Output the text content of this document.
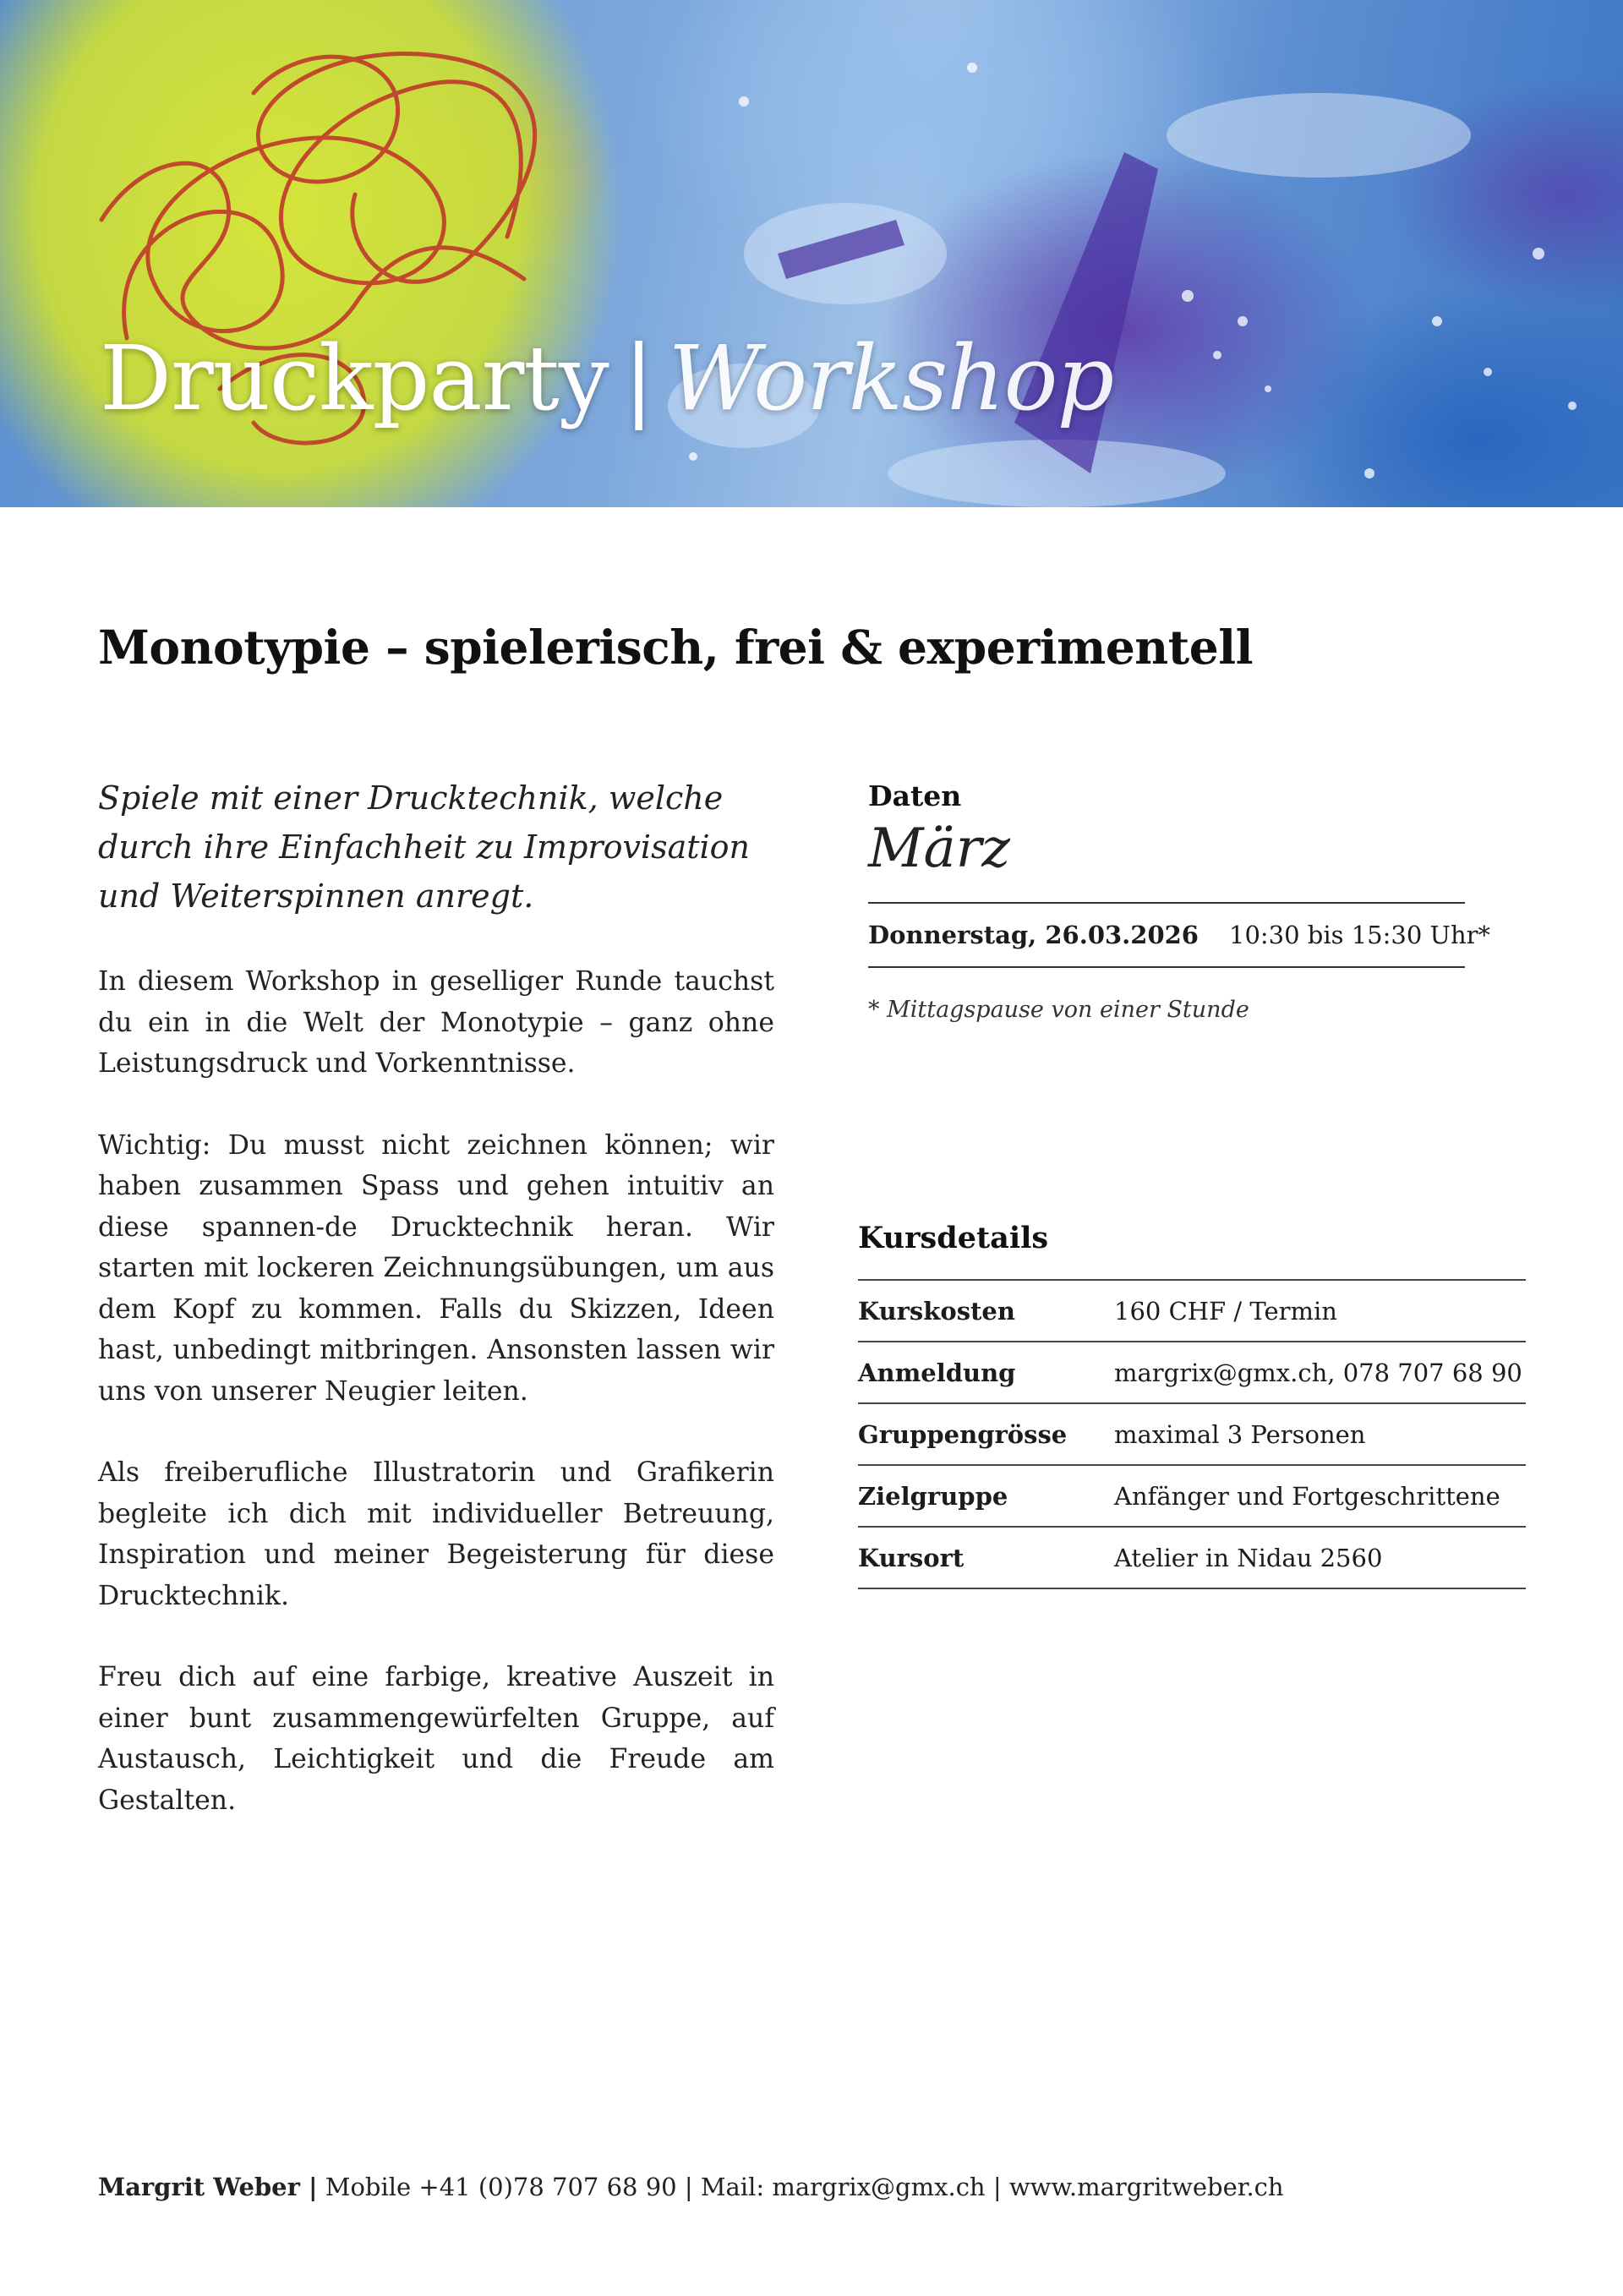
Druckparty | Workshop
Monotypie – spielerisch, frei & experimentell

Spiele mit einer Drucktechnik, welche
durch ihre Einfachheit zu Improvisation
und Weiterspinnen anregt.

In diesem Workshop in geselliger Runde tauchst du ein in die Welt der Monotypie – ganz ohne Leistungsdruck und Vorkenntnisse.

Wichtig: Du musst nicht zeichnen können; wir haben zusammen Spass und gehen intuitiv an diese spannen-de Drucktechnik heran. Wir starten mit lockeren Zeichnungsübungen, um aus dem Kopf zu kommen. Falls du Skizzen, Ideen hast, unbedingt mitbringen. Ansonsten lassen wir uns von unserer Neugier leiten.

Als freiberufliche Illustratorin und Grafikerin begleite ich dich mit individueller Betreuung, Inspiration und meiner Begeisterung für diese Drucktechnik.

Freu dich auf eine farbige, kreative Auszeit in einer bunt zusammengewürfelten Gruppe, auf Austausch, Leichtigkeit und die Freude am Gestalten.

Daten

März

Donnerstag, 26.03.2026 10:30 bis 15:30 Uhr*

* Mittagspause von einer Stunde

Kursdetails

Kurskosten	160 CHF / Termin
Anmeldung	margrix@gmx.ch, 078 707 68 90
Gruppengrösse	maximal 3 Personen
Zielgruppe	Anfänger und Fortgeschrittene
Kursort	Atelier in Nidau 2560
Margrit Weber | Mobile +41 (0)78 707 68 90 | Mail: margrix@gmx.ch | www.margritweber.ch
